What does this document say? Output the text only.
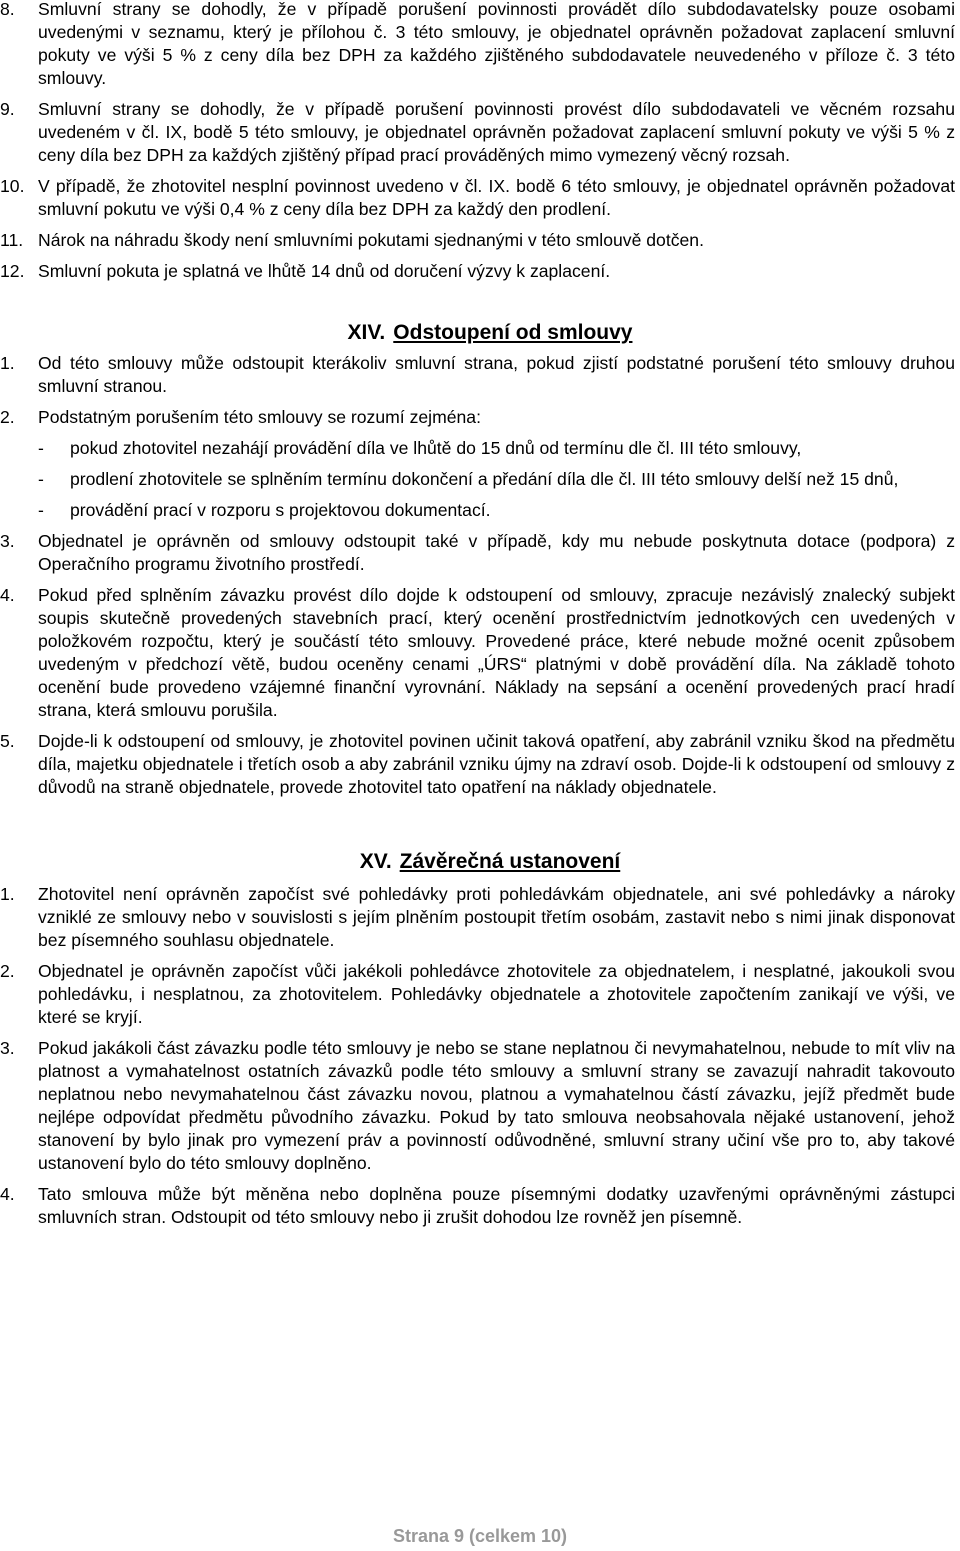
8. Smluvní strany se dohodly, že v případě porušení povinnosti provádět dílo subdodavatelsky pouze osobami uvedenými v seznamu, který je přílohou č. 3 této smlouvy, je objednatel oprávněn požadovat zaplacení smluvní pokuty ve výši 5 % z ceny díla bez DPH za každého zjištěného subdodavatele neuvedeného v příloze č. 3 této smlouvy.
9. Smluvní strany se dohodly, že v případě porušení povinnosti provést dílo subdodavateli ve věcném rozsahu uvedeném v čl. IX, bodě 5 této smlouvy, je objednatel oprávněn požadovat zaplacení smluvní pokuty ve výši 5 % z ceny díla bez DPH za každých zjištěný případ prací prováděných mimo vymezený věcný rozsah.
10. V případě, že zhotovitel nesplní povinnost uvedeno v čl. IX. bodě 6 této smlouvy, je objednatel oprávněn požadovat smluvní pokutu ve výši 0,4 % z ceny díla bez DPH za každý den prodlení.
11. Nárok na náhradu škody není smluvními pokutami sjednanými v této smlouvě dotčen.
12. Smluvní pokuta je splatná ve lhůtě 14 dnů od doručení výzvy k zaplacení.
XIV. Odstoupení od smlouvy
1. Od této smlouvy může odstoupit kterákoliv smluvní strana, pokud zjistí podstatné porušení této smlouvy druhou smluvní stranou.
2. Podstatným porušením této smlouvy se rozumí zejména:
- pokud zhotovitel nezahájí provádění díla ve lhůtě do 15 dnů od termínu dle čl. III této smlouvy,
- prodlení zhotovitele se splněním termínu dokončení a předání díla dle čl. III této smlouvy delší než 15 dnů,
- provádění prací v rozporu s projektovou dokumentací.
3. Objednatel je oprávněn od smlouvy odstoupit také v případě, kdy mu nebude poskytnuta dotace (podpora) z Operačního programu životního prostředí.
4. Pokud před splněním závazku provést dílo dojde k odstoupení od smlouvy, zpracuje nezávislý znalecký subjekt soupis skutečně provedených stavebních prací, který ocenění prostřednictvím jednotkových cen uvedených v položkovém rozpočtu, který je součástí této smlouvy. Provedené práce, které nebude možné ocenit způsobem uvedeným v předchozí větě, budou oceněny cenami „ÚRS“ platnými v době provádění díla. Na základě tohoto ocenění bude provedeno vzájemné finanční vyrovnání. Náklady na sepsání a ocenění provedených prací hradí strana, která smlouvu porušila.
5. Dojde-li k odstoupení od smlouvy, je zhotovitel povinen učinit taková opatření, aby zabránil vzniku škod na předmětu díla, majetku objednatele i třetích osob a aby zabránil vzniku újmy na zdraví osob. Dojde-li k odstoupení od smlouvy z důvodů na straně objednatele, provede zhotovitel tato opatření na náklady objednatele.
XV. Závěrečná ustanovení
1. Zhotovitel není oprávněn započíst své pohledávky proti pohledávkám objednatele, ani své pohledávky a nároky vzniklé ze smlouvy nebo v souvislosti s jejím plněním postoupit třetím osobám, zastavit nebo s nimi jinak disponovat bez písemného souhlasu objednatele.
2. Objednatel je oprávněn započíst vůči jakékoli pohledávce zhotovitele za objednatelem, i nesplatné, jakoukoli svou pohledávku, i nesplatnou, za zhotovitelem. Pohledávky objednatele a zhotovitele započtením zanikají ve výši, ve které se kryjí.
3. Pokud jakákoli část závazku podle této smlouvy je nebo se stane neplatnou či nevymahatelnou, nebude to mít vliv na platnost a vymahatelnost ostatních závazků podle této smlouvy a smluvní strany se zavazují nahradit takovouto neplatnou nebo nevymahatelnou část závazku novou, platnou a vymahatelnou částí závazku, jejíž předmět bude nejlépe odpovídat předmětu původního závazku. Pokud by tato smlouva neobsahovala nějaké ustanovení, jehož stanovení by bylo jinak pro vymezení práv a povinností odůvodněné, smluvní strany učiní vše pro to, aby takové ustanovení bylo do této smlouvy doplněno.
4. Tato smlouva může být měněna nebo doplněna pouze písemnými dodatky uzavřenými oprávněnými zástupci smluvních stran. Odstoupit od této smlouvy nebo ji zrušit dohodou lze rovněž jen písemně.
Strana 9 (celkem 10)
